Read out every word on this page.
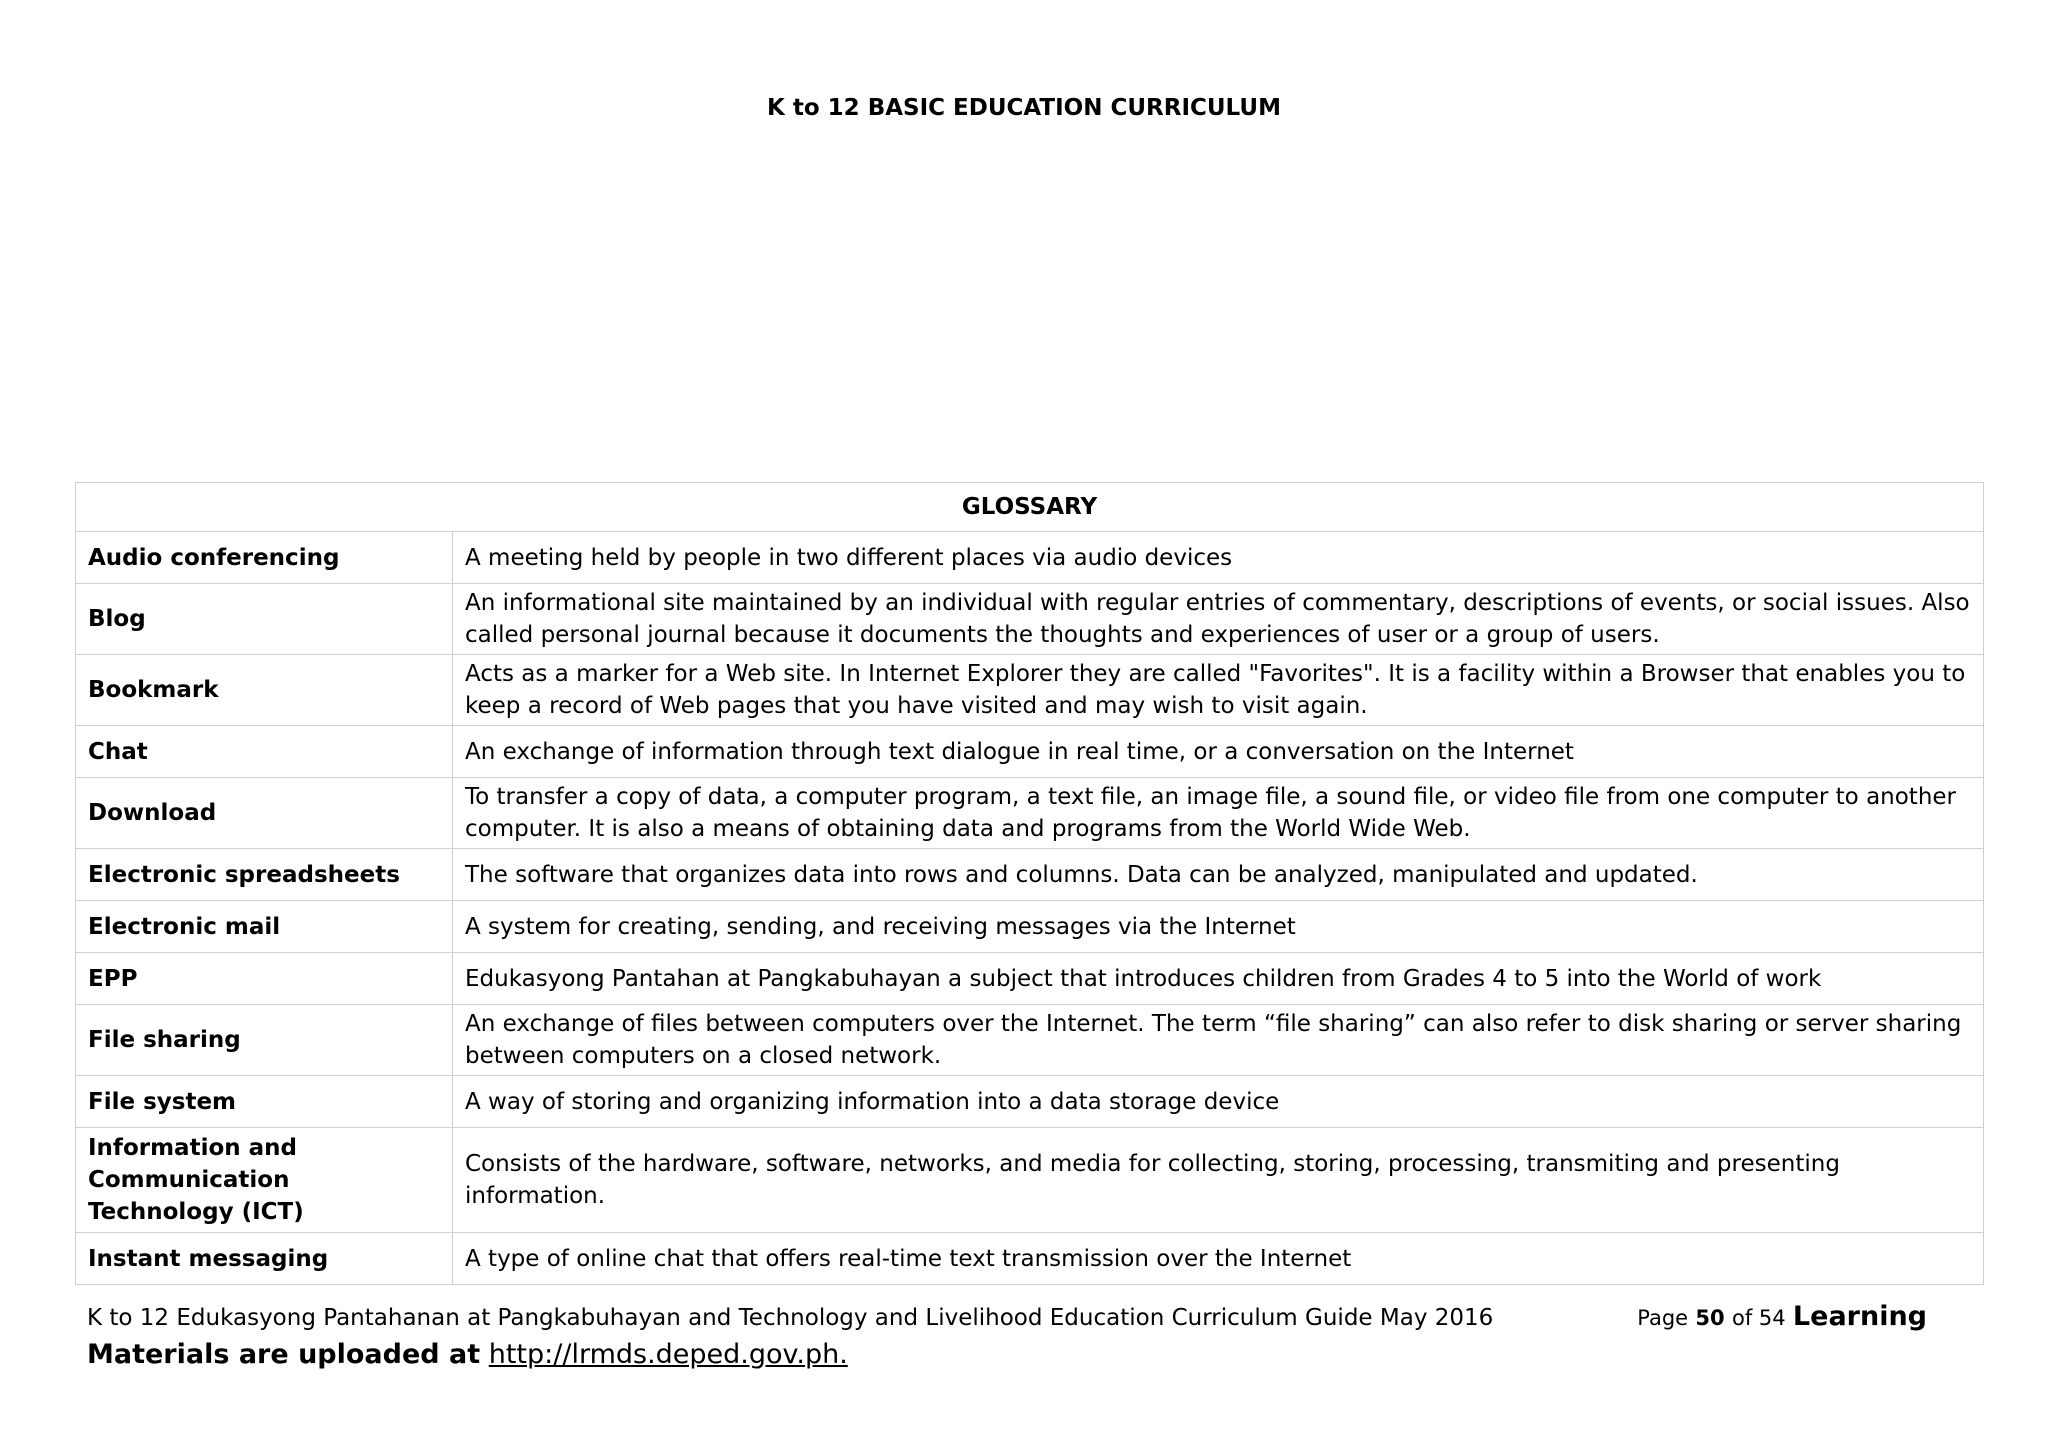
K to 12 BASIC EDUCATION CURRICULUM
GLOSSARY	
Audio conferencing	A meeting held by people in two different places via audio devices
Blog	An informational site maintained by an individual with regular entries of commentary, descriptions of events, or social issues. Also called personal journal because it documents the thoughts and experiences of user or a group of users.
Bookmark	Acts as a marker for a Web site. In Internet Explorer they are called "Favorites". It is a facility within a Browser that enables you to keep a record of Web pages that you have visited and may wish to visit again.
Chat	An exchange of information through text dialogue in real time, or a conversation on the Internet
Download	To transfer a copy of data, a computer program, a text file, an image file, a sound file, or video file from one computer to another computer. It is also a means of obtaining data and programs from the World Wide Web.
Electronic spreadsheets	The software that organizes data into rows and columns. Data can be analyzed, manipulated and updated.
Electronic mail	A system for creating, sending, and receiving messages via the Internet
EPP	Edukasyong Pantahan at Pangkabuhayan a subject that introduces children from Grades 4 to 5 into the World of work
File sharing	An exchange of files between computers over the Internet. The term “file sharing” can also refer to disk sharing or server sharing between computers on a closed network.
File system	A way of storing and organizing information into a data storage device
Information and Communication Technology (ICT)	Consists of the hardware, software, networks, and media for collecting, storing, processing, transmiting and presenting information.
Instant messaging	A type of online chat that offers real-time text transmission over the Internet
K to 12 Edukasyong Pantahanan at Pangkabuhayan and Technology and Livelihood Education Curriculum Guide May 2016	Page 50 of 54 Learning
Materials are uploaded at http://lrmds.deped.gov.ph.
